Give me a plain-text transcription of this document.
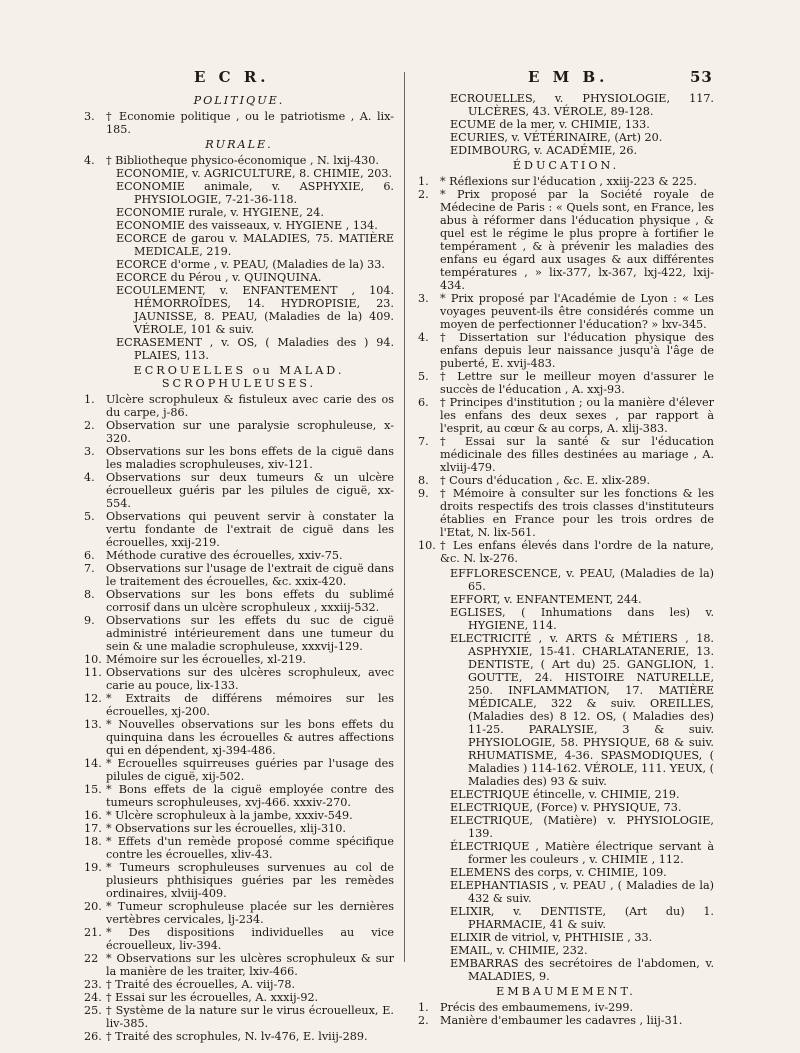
E C R.	E M B.	53
POLITIQUE.
3. † Economie politique , ou le patriotisme , A. lix-185.
RURALE.
4. † Bibliotheque physico-économique , N. lxij-430.
ECONOMIE, v. AGRICULTURE, 8. CHIMIE, 203.
ECONOMIE animale, v. ASPHYXIE, 6. PHYSIOLOGIE, 7-21-36-118.
ECONOMIE rurale, v. HYGIENE, 24.
ECONOMIE des vaisseaux, v. HYGIENE , 134.
ECORCE de garou v. MALADIES, 75. MATIÈRE MEDICALE, 219.
ECORCE d'orme , v. PEAU, (Maladies de la) 33.
ECORCE du Pérou , v. QUINQUINA.
ECOULEMENT, v. ENFANTEMENT , 104. HÉMORROÏDES, 14. HYDROPISIE, 23. JAUNISSE, 8. PEAU, (Maladies de la) 409. VÉROLE, 101 & suiv.
ECRASEMENT , v. OS, ( Maladies des ) 94. PLAIES, 113.
ECROUELLES ou MALAD. SCROPHULEUSES.
1. Ulcère scrophuleux & fistuleux avec carie des os du carpe, j-86.
2. Observation sur une paralysie scrophuleuse, x-320.
3. Observations sur les bons effets de la ciguë dans les maladies scrophuleuses, xiv-121.
4. Observations sur deux tumeurs & un ulcère écrouelleux guéris par les pilules de ciguë, xx-554.
5. Observations qui peuvent servir à constater la vertu fondante de l'extrait de ciguë dans les écrouelles, xxij-219.
6. Méthode curative des écrouelles, xxiv-75.
7. Observations sur l'usage de l'extrait de ciguë dans le traitement des écrouelles, &c. xxix-420.
8. Observations sur les bons effets du sublimé corrosif dans un ulcère scrophuleux , xxxiij-532.
9. Observations sur les effets du suc de ciguë administré intérieurement dans une tumeur du sein & une maladie scrophuleuse, xxxvij-129.
10. Mémoire sur les écrouelles, xl-219.
11. Observations sur des ulcères scrophuleux, avec carie au pouce, lix-133.
12. * Extraits de différens mémoires sur les écrouelles, xj-200.
13. * Nouvelles observations sur les bons effets du quinquina dans les écrouelles & autres affections qui en dépendent, xj-394-486.
14. * Ecrouelles squirreuses guéries par l'usage des pilules de ciguë, xij-502.
15. * Bons effets de la ciguë employée contre des tumeurs scrophuleuses, xvj-466. xxxiv-270.
16. * Ulcère scrophuleux à la jambe, xxxiv-549.
17. * Observations sur les écrouelles, xlij-310.
18. * Effets d'un remède proposé comme spécifique contre les écrouelles, xliv-43.
19. * Tumeurs scrophuleuses survenues au col de plusieurs phthisiques guéries par les remèdes ordinaires, xlviij-409.
20. * Tumeur scrophuleuse placée sur les dernières vertèbres cervicales, lj-234.
21. * Des dispositions individuelles au vice écrouelleux, liv-394.
22 * Observations sur les ulcères scrophuleux & sur la manière de les traiter, lxiv-466.
23. † Traité des écrouelles, A. viij-78.
24. † Essai sur les écrouelles, A. xxxij-92.
25. † Système de la nature sur le virus écrouelleux, E. liv-385.
26. † Traité des scrophules, N. lv-476, E. lviij-289.
ECROUELLES, v. PHYSIOLOGIE, 117. ULCÈRES, 43. VÉROLE, 89-128.
ECUME de la mer, v. CHIMIE, 133.
ECURIES, v. VÉTÉRINAIRE, (Art) 20.
EDIMBOURG, v. ACADÉMIE, 26.
ÉDUCATION.
1. * Réflexions sur l'éducation , xxiij-223 & 225.
2. * Prix proposé par la Société royale de Médecine de Paris : « Quels sont, en France, les abus à réformer dans l'éducation physique , & quel est le régime le plus propre à fortifier le tempérament , & à prévenir les maladies des enfans eu égard aux usages & aux différentes températures , » lix-377, lx-367, lxj-422, lxij-434.
3. * Prix proposé par l'Académie de Lyon : « Les voyages peuvent-ils être considérés comme un moyen de perfectionner l'éducation? » lxv-345.
4. † Dissertation sur l'éducation physique des enfans depuis leur naissance jusqu'à l'âge de puberté, E. xvij-483.
5. † Lettre sur le meilleur moyen d'assurer le succès de l'éducation , A. xxj-93.
6. † Principes d'institution ; ou la manière d'élever les enfans des deux sexes , par rapport à l'esprit, au cœur & au corps, A. xlij-383.
7. † Essai sur la santé & sur l'éducation médicinale des filles destinées au mariage , A. xlviij-479.
8. † Cours d'éducation , &c. E. xlix-289.
9. † Mémoire à consulter sur les fonctions & les droits respectifs des trois classes d'instituteurs établies en France pour les trois ordres de l'Etat, N. lix-561.
10. † Les enfans élevés dans l'ordre de la nature, &c. N. lx-276.
EFFLORESCENCE, v. PEAU, (Maladies de la) 65.
EFFORT, v. ENFANTEMENT, 244.
EGLISES, ( Inhumations dans les) v. HYGIENE, 114.
ELECTRICITÉ , v. ARTS & MÉTIERS , 18. ASPHYXIE, 15-41. CHARLATANERIE, 13. DENTISTE, ( Art du) 25. GANGLION, 1. GOUTTE, 24. HISTOIRE NATURELLE, 250. INFLAMMATION, 17. MATIÈRE MÉDICALE, 322 & suiv. OREILLES, (Maladies des) 8 12. OS, ( Maladies des) 11-25. PARALYSIE, 3 & suiv. PHYSIOLOGIE, 58. PHYSIQUE, 68 & suiv. RHUMATISME, 4-36. SPASMODIQUES, ( Maladies ) 114-162. VÉROLE, 111. YEUX, ( Maladies des) 93 & suiv.
ELECTRIQUE étincelle, v. CHIMIE, 219.
ELECTRIQUE, (Force) v. PHYSIQUE, 73.
ELECTRIQUE, (Matière) v. PHYSIOLOGIE, 139.
ÉLECTRIQUE , Matière électrique servant à former les couleurs , v. CHIMIE , 112.
ELEMENS des corps, v. CHIMIE, 109.
ELEPHANTIASIS , v. PEAU , ( Maladies de la) 432 & suiv.
ELIXIR, v. DENTISTE, (Art du) 1. PHARMACIE, 41 & suiv.
ELIXIR de vitriol, v, PHTHISIE , 33.
EMAIL, v. CHIMIE, 232.
EMBARRAS des secrétoires de l'abdomen, v. MALADIES, 9.
EMBAUMEMENT.
1. Précis des embaumemens, iv-299.
2. Manière d'embaumer les cadavres , liij-31.
